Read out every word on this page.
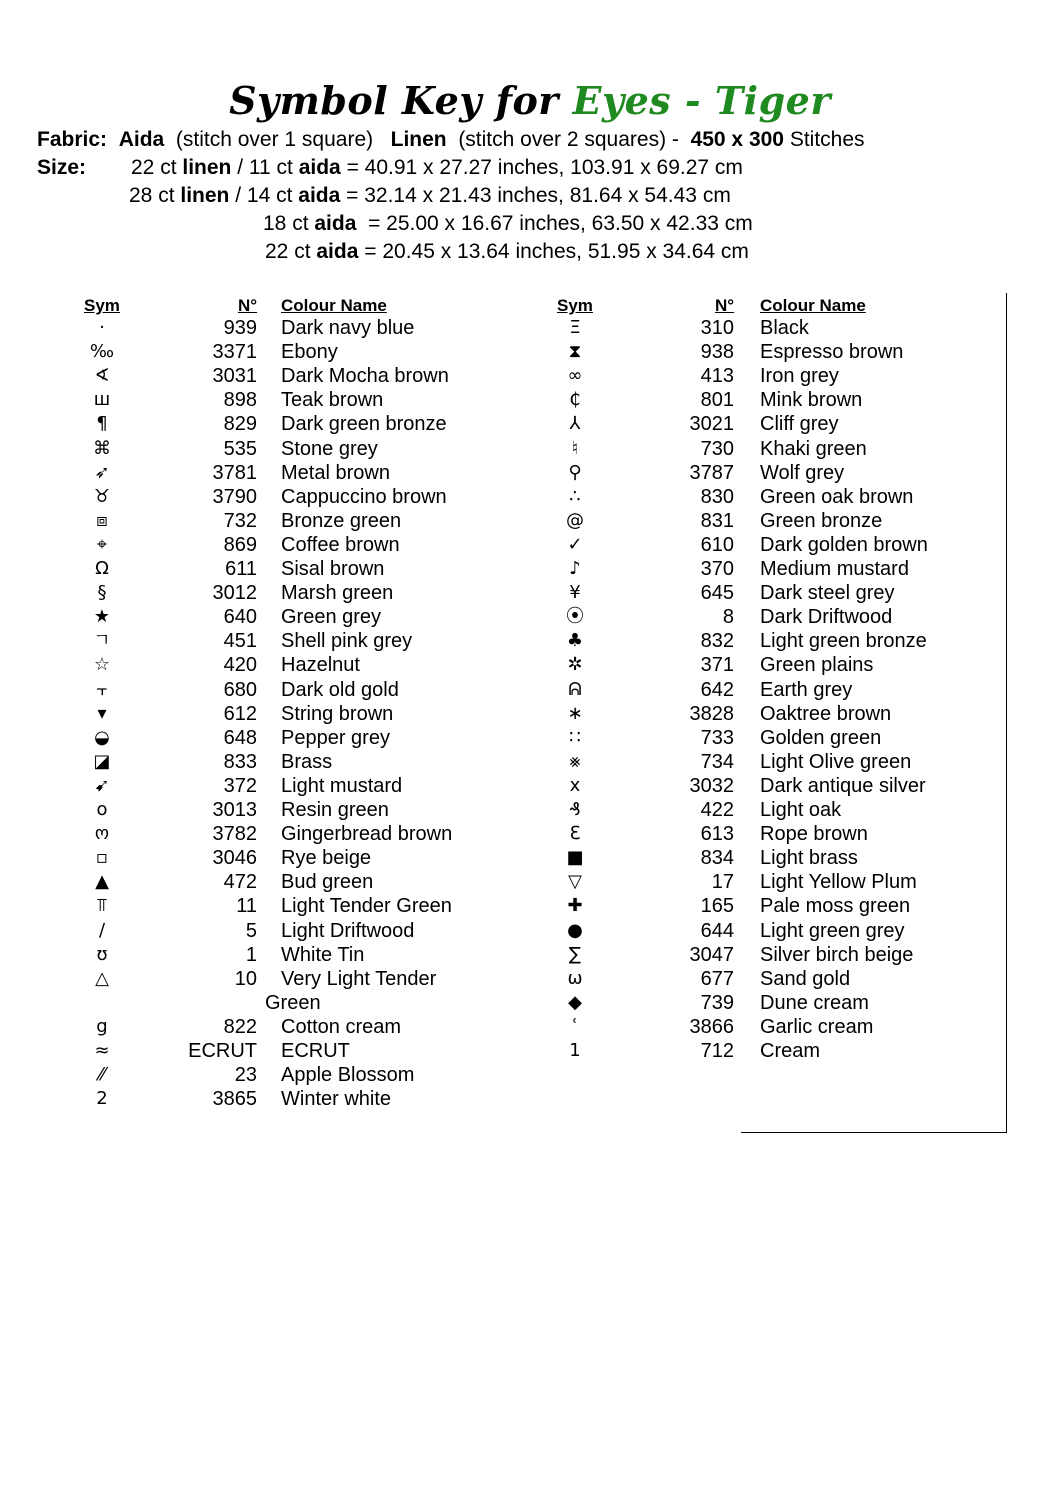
Symbol Key for Eyes - Tiger
Fabric: Aida (stitch over 1 square) Linen (stitch over 2 squares) - 450 x 300 Stitches
Size: 22 ct linen / 11 ct aida = 40.91 x 27.27 inches, 103.91 x 69.27 cm
28 ct linen / 14 ct aida = 32.14 x 21.43 inches, 81.64 x 54.43 cm
18 ct aida  = 25.00 x 16.67 inches, 63.50 x 42.33 cm
22 ct aida = 20.45 x 13.64 inches, 51.95 x 34.64 cm
Sym	N° Colour Name	Sym	N° Colour Name
·	939 Dark navy blue
‰	3371 Ebony
∢	3031 Dark Mocha brown
ш	898 Teak brown
¶	829 Dark green bronze
⌘	535 Stone grey
➶	3781 Metal brown
♉	3790 Cappuccino brown
⧈	732 Bronze green
⌖	869 Coffee brown
Ω	611 Sisal brown
§	3012 Marsh green
★	640 Green grey
ㄱ	451 Shell pink grey
☆	420 Hazelnut
⫟	680 Dark old gold
▾	612 String brown
◒	648 Pepper grey
◪	833 Brass
➹	372 Light mustard
o	3013 Resin green
ო	3782 Gingerbread brown
▫	3046 Rye beige
▲	472 Bud green
⫪	11 Light Tender Green
∕	5 Light Driftwood
ʊ	1 White Tin
△	10 Very Light Tender
Green
g	822 Cotton cream
≈	ECRUT ECRUT
⁄⁄	23 Apple Blossom
2	3865 Winter white
Ξ	310 Black
⧗	938 Espresso brown
∞	413 Iron grey
₵	801 Mink brown
⅄	3021 Cliff grey
♮	730 Khaki green
⚲	3787 Wolf grey
∴	830 Green oak brown
@	831 Green bronze
✓	610 Dark golden brown
♪	370 Medium mustard
¥	645 Dark steel grey
⦿	8 Dark Driftwood
♣	832 Light green bronze
✲	371 Green plains
ᕱ	642 Earth grey
∗	3828 Oaktree brown
∷	733 Golden green
⨳	734 Light Olive green
x	3032 Dark antique silver
₰	422 Light oak
ℇ	613 Rope brown
■	834 Light brass
▽	17 Light Yellow Plum
✚	165 Pale moss green
●	644 Light green grey
∑	3047 Silver birch beige
ω	677 Sand gold
◆	739 Dune cream
ʿ	3866 Garlic cream
1	712 Cream
